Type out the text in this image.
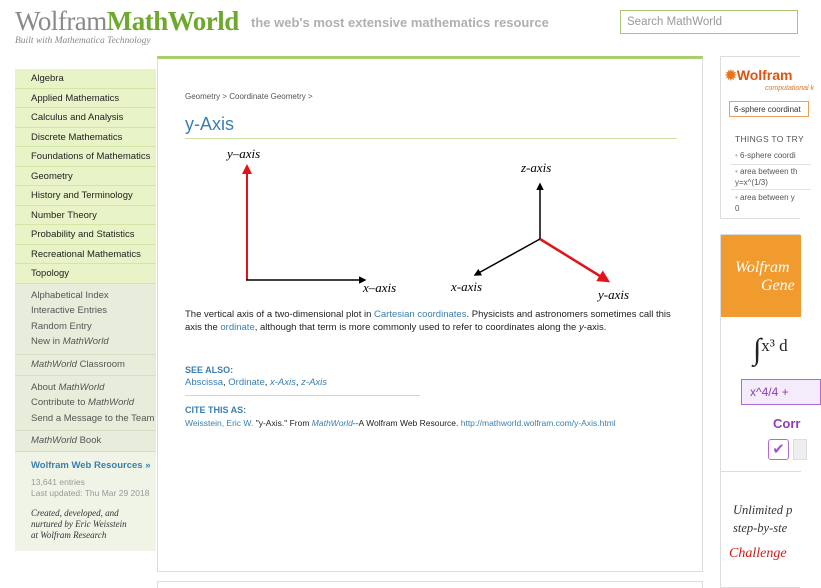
WolframMathWorld
Built with Mathematica Technology
the web's most extensive mathematics resource	Search MathWorld
Algebra
Applied Mathematics
Calculus and Analysis
Discrete Mathematics
Foundations of Mathematics
Geometry
History and Terminology
Number Theory
Probability and Statistics
Recreational Mathematics
Topology
Alphabetical Index
Interactive Entries
Random Entry
New in MathWorld
MathWorld Classroom
About MathWorld
Contribute to MathWorld
Send a Message to the Team
MathWorld Book
Wolfram Web Resources »
13,641 entries
Last updated: Thu Mar 29 2018
Created, developed, and
nurtured by Eric Weisstein
at Wolfram Research
Geometry > Coordinate Geometry >
y-Axis
y–axis
x–axis
z-axis
x-axis
y-axis
The vertical axis of a two-dimensional plot in Cartesian coordinates. Physicists and astronomers sometimes call this axis the ordinate, although that term is more commonly used to refer to coordinates along the y-axis.
SEE ALSO:
Abscissa, Ordinate, x-Axis, z-Axis
CITE THIS AS:
Weisstein, Eric W. "y-Axis." From MathWorld--A Wolfram Web Resource. http://mathworld.wolfram.com/y-Axis.html
✹Wolfram
computational k
6-sphere coordinat
THINGS TO TRY
• 6-sphere coordi
• area between th
y=x^(1/3)
• area between y
0
Wolfram
Gene
∫x³ d
x^4/4 +
Corr
✔
Unlimited p
step-by-ste
Challenge
